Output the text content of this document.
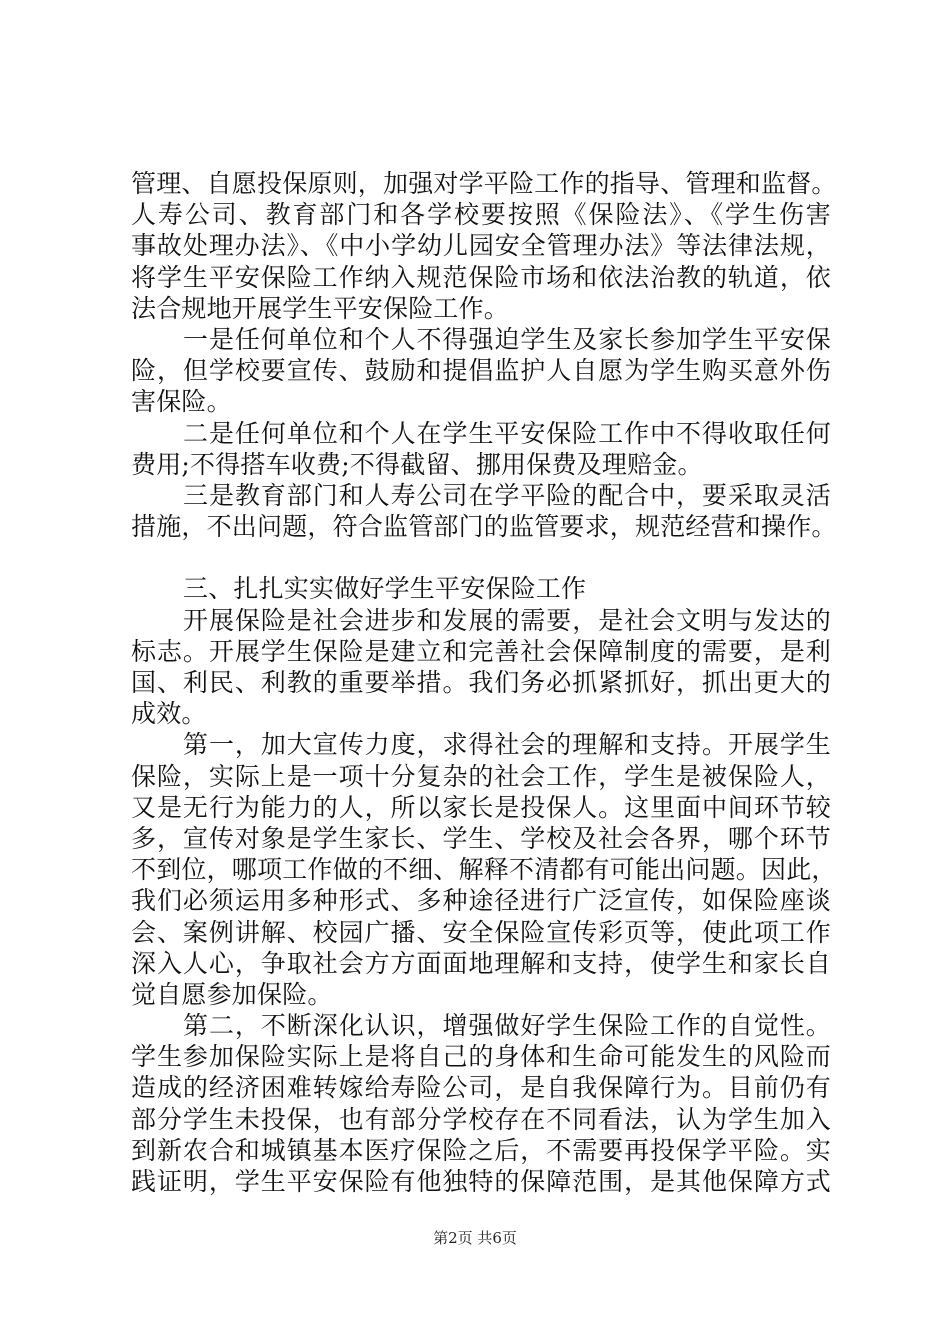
管理、自愿投保原则，加强对学平险工作的指导、管理和监督。
人寿公司、教育部门和各学校要按照《保险法》、《学生伤害
事故处理办法》、《中小学幼儿园安全管理办法》等法律法规，
将学生平安保险工作纳入规范保险市场和依法治教的轨道，依
法合规地开展学生平安保险工作。
一是任何单位和个人不得强迫学生及家长参加学生平安保
险，但学校要宣传、鼓励和提倡监护人自愿为学生购买意外伤
害保险。
二是任何单位和个人在学生平安保险工作中不得收取任何
费用;不得搭车收费;不得截留、挪用保费及理赔金。
三是教育部门和人寿公司在学平险的配合中，要采取灵活
措施，不出问题，符合监管部门的监管要求，规范经营和操作。
三、扎扎实实做好学生平安保险工作
开展保险是社会进步和发展的需要，是社会文明与发达的
标志。开展学生保险是建立和完善社会保障制度的需要，是利
国、利民、利教的重要举措。我们务必抓紧抓好，抓出更大的
成效。
第一，加大宣传力度，求得社会的理解和支持。开展学生
保险，实际上是一项十分复杂的社会工作，学生是被保险人，
又是无行为能力的人，所以家长是投保人。这里面中间环节较
多，宣传对象是学生家长、学生、学校及社会各界，哪个环节
不到位，哪项工作做的不细、解释不清都有可能出问题。因此，
我们必须运用多种形式、多种途径进行广泛宣传，如保险座谈
会、案例讲解、校园广播、安全保险宣传彩页等，使此项工作
深入人心，争取社会方方面面地理解和支持，使学生和家长自
觉自愿参加保险。
第二，不断深化认识，增强做好学生保险工作的自觉性。
学生参加保险实际上是将自己的身体和生命可能发生的风险而
造成的经济困难转嫁给寿险公司，是自我保障行为。目前仍有
部分学生未投保，也有部分学校存在不同看法，认为学生加入
到新农合和城镇基本医疗保险之后，不需要再投保学平险。实
践证明，学生平安保险有他独特的保障范围，是其他保障方式
第2页 共6页
